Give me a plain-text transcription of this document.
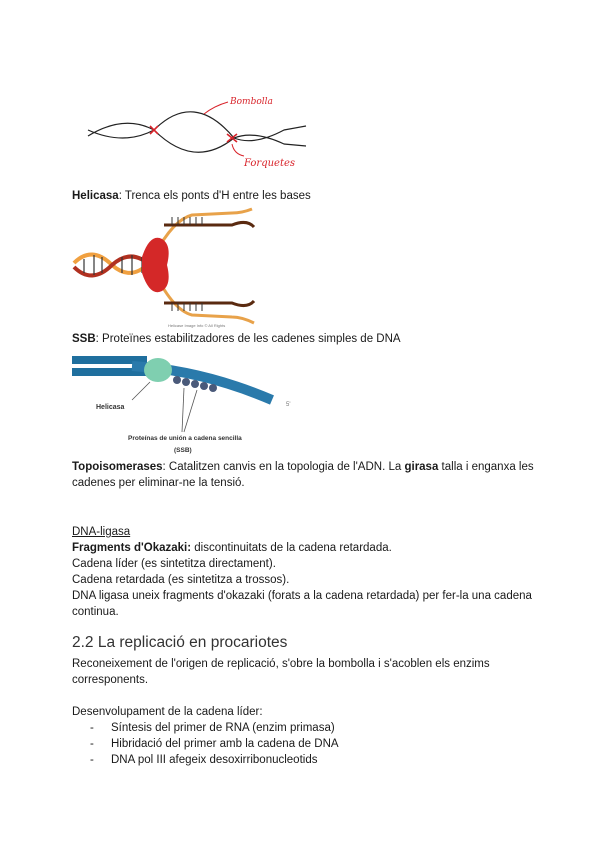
Bombolla
Forquetes
Helicasa: Trenca els ponts d'H entre les bases
Helicase Image Info © All Rights
SSB: Proteïnes estabilitzadores de les cadenes simples de DNA
Helicasa
Proteínas de unión a cadena sencilla
(SSB)
5'
Topoisomerases: Catalitzen canvis en la topologia de l'ADN. La girasa talla i enganxa les cadenes per eliminar-ne la tensió.
DNA-ligasa
Fragments d'Okazaki: discontinuitats de la cadena retardada.
Cadena líder (es sintetitza directament).
Cadena retardada (es sintetitza a trossos).
DNA ligasa uneix fragments d'okazaki (forats a la cadena retardada) per fer-la una cadena continua.
2.2 La replicació en procariotes
Reconeixement de l'origen de replicació, s'obre la bombolla i s'acoblen els enzims corresponents.
Desenvolupament de la cadena líder:
- Síntesis del primer de RNA (enzim primasa)
- Hibridació del primer amb la cadena de DNA
- DNA pol III afegeix desoxirribonucleotids
